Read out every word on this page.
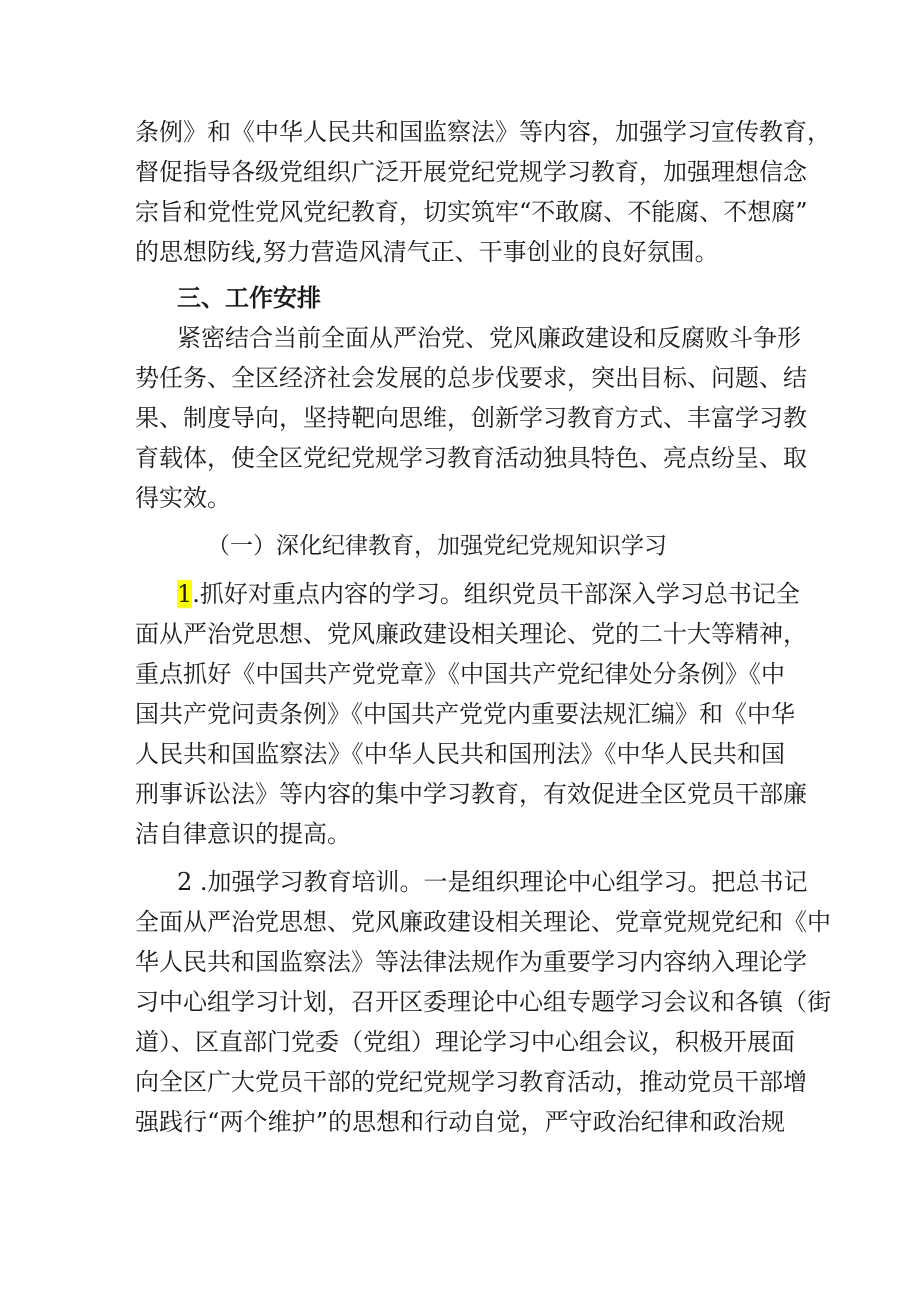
条例》和《中华人民共和国监察法》等内容，加强学习宣传教育，
督促指导各级党组织广泛开展党纪党规学习教育，加强理想信念
宗旨和党性党风党纪教育，切实筑牢“不敢腐、不能腐、不想腐”
的思想防线,努力营造风清气正、干事创业的良好氛围。
三、工作安排
紧密结合当前全面从严治党、党风廉政建设和反腐败斗争形
势任务、全区经济社会发展的总步伐要求，突出目标、问题、结
果、制度导向，坚持靶向思维，创新学习教育方式、丰富学习教
育载体，使全区党纪党规学习教育活动独具特色、亮点纷呈、取
得实效。
（一）深化纪律教育，加强党纪党规知识学习
1.抓好对重点内容的学习。组织党员干部深入学习总书记全
面从严治党思想、党风廉政建设相关理论、党的二十大等精神，
重点抓好《中国共产党党章》《中国共产党纪律处分条例》《中
国共产党问责条例》《中国共产党党内重要法规汇编》和《中华
人民共和国监察法》《中华人民共和国刑法》《中华人民共和国
刑事诉讼法》等内容的集中学习教育，有效促进全区党员干部廉
洁自律意识的提高。
2 .加强学习教育培训。一是组织理论中心组学习。把总书记
全面从严治党思想、党风廉政建设相关理论、党章党规党纪和《中
华人民共和国监察法》等法律法规作为重要学习内容纳入理论学
习中心组学习计划，召开区委理论中心组专题学习会议和各镇（街
道）、区直部门党委（党组）理论学习中心组会议，积极开展面
向全区广大党员干部的党纪党规学习教育活动，推动党员干部增
强践行“两个维护”的思想和行动自觉，严守政治纪律和政治规
